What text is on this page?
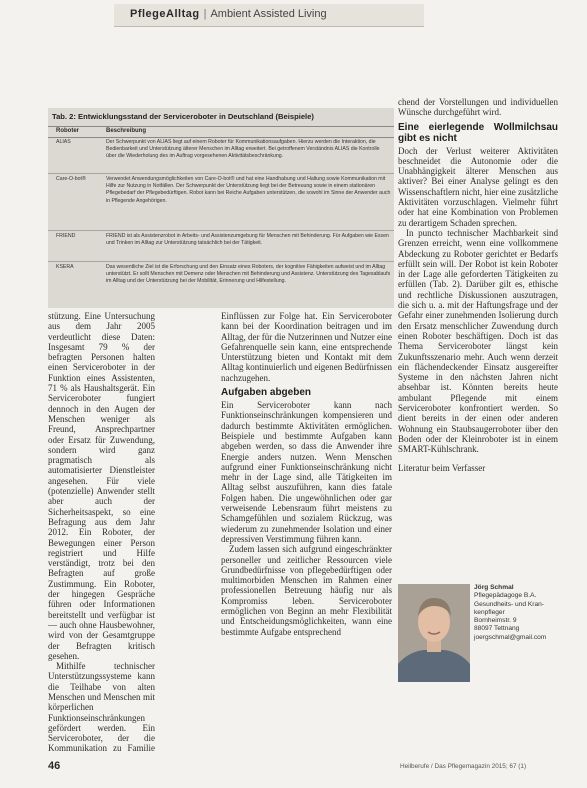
PflegeAlltag | Ambient Assisted Living
Tab. 2: Entwicklungsstand der Serviceroboter in Deutschland (Beispiele)
Roboter	Beschreibung
ALIAS	Der Schwerpunkt von ALIAS liegt auf einem Roboter für Kommunikationsaufgaben. Hierzu werden die Interaktion, die Bedienbarkeit und Unterstützung älterer Menschen im Alltag erweitert. Bei getroffenem Verständnis ALIAS die Kontrolle über die Wiederholung des im Auftrag vorgesehenen Aktivitätsbeschränkung.
Care-O-bot®	Verwendet Anwendungsmöglichkeiten von Care-O-bot® und hat eine Handhabung und Haltung sowie Kommunikation mit Hilfe zur Nutzung in Notfällen. Der Schwerpunkt der Unterstützung liegt bei der Betreuung sowie in einem stationären Pflegebedarf der Pflegebedürftigen. Robot kann bei Reiche Aufgaben unterstützen, die sowohl im Sinne der Anwender auch in Pflegende Angehörigen.
FRIEND	FRIEND ist als Assistenzrobot in Arbeits- und Assistenzumgebung für Menschen mit Behinderung. Für Aufgaben wie Essen und Trinken im Alltag zur Unterstützung tatsächlich bei der Tätigkeit.
KSERA	Das wesentliche Ziel ist die Erforschung und den Einsatz eines Roboters, der kognitive Fähigkeiten aufweist und im Alltag unterstützt. Er sollt Menschen mit Demenz oder Menschen mit Behinderung und Assistenz. Unterstützung des Tagesablaufs im Alltag und der Unterstützung bei der Mobilität, Erinnerung und Hilfestellung.

stützung. Eine Untersuchung aus dem Jahr 2005 verdeutlicht diese Daten: Insgesamt 79 % der befragten Personen halten einen Serviceroboter in der Funktion eines Assistenten, 71 % als Haushaltsgerät. Ein Serviceroboter fungiert dennoch in den Augen der Menschen weniger als Freund, Ansprechpartner oder Ersatz für Zuwendung, sondern wird ganz pragmatisch als automatisierter Dienstleister angesehen. Für viele (potenzielle) Anwender stellt aber auch der Sicherheitsaspekt, so eine Befragung aus dem Jahr 2012. Ein Roboter, der Bewegungen einer Person registriert und Hilfe verständigt, trotz bei den Befragten auf große Zustimmung. Ein Roboter, der hingegen Gespräche führen oder Informationen bereitstellt und verfügbar ist — auch ohne Hausbewohner, wird von der Gesamtgruppe der Befragten kritisch gesehen.

Mithilfe technischer Unterstützungssysteme kann die Teilhabe von alten Menschen und Menschen mit körperlichen Funktionseinschränkungen gefördert werden. Ein Serviceroboter, der die Kommunikation zu Familie

Einflüssen zur Folge hat. Ein Serviceroboter kann bei der Koordination beitragen und im Alltag, der für die Nutzerinnen und Nutzer eine Gefahrenquelle sein kann, eine entsprechende Unterstützung bieten und Kontakt mit dem Alltag kontinuierlich und eigenen Bedürfnissen nachzugehen.

Aufgaben abgeben

Ein Serviceroboter kann nach Funktionseinschränkungen kompensieren und dadurch bestimmte Aktivitäten ermöglichen. Beispiele und bestimmte Aufgaben kann abgeben werden, so dass die Anwender ihre Energie anders nutzen. Wenn Menschen aufgrund einer Funktionseinschränkung nicht mehr in der Lage sind, alle Tätigkeiten im Alltag selbst auszuführen, kann dies fatale Folgen haben. Die ungewöhnlichen oder gar verweisende Lebensraum führt meistens zu Schamgefühlen und sozialem Rückzug, was wiederum zu zunehmender Isolation und einer depressiven Verstimmung führen kann.

Zudem lassen sich aufgrund eingeschränkter personeller und zeitlicher Ressourcen viele Grundbedürfnisse von pflegebedürftigen oder multimorbiden Menschen im Rahmen einer professionellen Betreuung häufig nur als Kompromiss leben. Serviceroboter ermöglichen von Beginn an mehr Flexibilität und Entscheidungsmöglichkeiten, wann eine bestimmte Aufgabe entsprechend

chend der Vorstellungen und individuellen Wünsche durchgeführt wird.

Eine eierlegende Wollmilchsau gibt es nicht

Doch der Verlust weiterer Aktivitäten beschneidet die Autonomie oder die Unabhängigkeit älterer Menschen aus aktiver? Bei einer Analyse gelingt es den Wissenschaftlern nicht, hier eine zusätzliche Aktivitäten vorzuschlagen. Vielmehr führt oder hat eine Kombination von Problemen zu derartigem Schaden sprechen.

In puncto technischer Machbarkeit sind Grenzen erreicht, wenn eine vollkommene Abdeckung zu Roboter gerichtet er Bedarfs erfüllt sein will. Der Robot ist kein Roboter in der Lage alle geforderten Tätigkeiten zu erfüllen (Tab. 2). Darüber gilt es, ethische und rechtliche Diskussionen auszutragen, die sich u. a. mit der Haftungsfrage und der Gefahr einer zunehmenden Isolierung durch den Ersatz menschlicher Zuwendung durch einen Roboter beschäftigen. Doch ist das Thema Serviceroboter längst kein Zukunftsszenario mehr. Auch wenn derzeit ein flächendeckender Einsatz ausgereifter Systeme in den nächsten Jahren nicht absehbar ist. Könnten bereits heute ambulant Pflegende mit einem Serviceroboter konfrontiert werden. So dient bereits in der einen oder anderen Wohnung ein Staubsaugerroboter über den Boden oder der Kleinroboter ist in einem SMART-Kühlschrank.

Literatur beim Verfasser

Jörg Schmal
Pflegepädagoge B.A.
Gesundheits- und Kran-
kenpfleger
Bornheimstr. 9
88097 Tettnang
joergschmal@gmail.com
46	Heilberufe / Das Pflegemagazin 2015; 67 (1)
